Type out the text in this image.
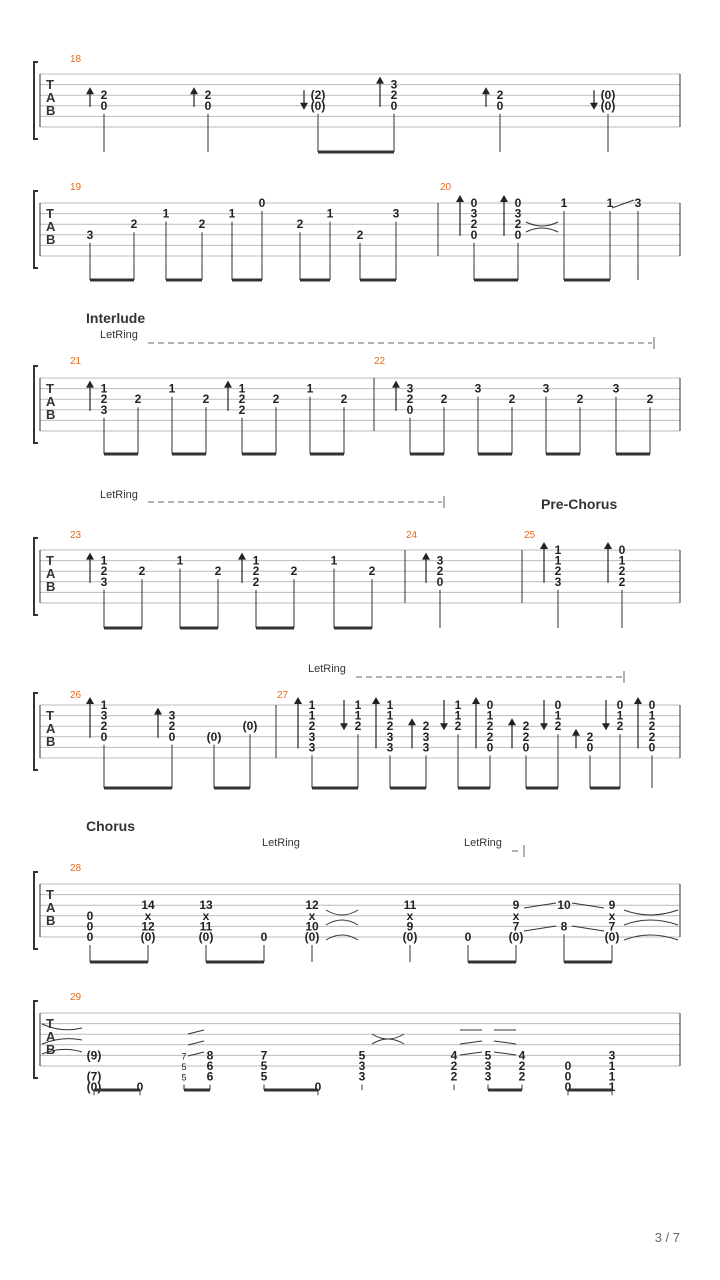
Interlude
Pre-Chorus
Chorus
LetRing
LetRing
LetRing
LetRing	LetRing
T
A
B
18
2
0
2
0
(2)
(0)
3
2
0
2
0
(0)
(0)
T
A
B
19	20
3
2
1
2
1
0
2
1
2
3
0
3
2
0
0
3
2
0
1	1 3
T
A
B
21	22
1
2
3
2
1
2
1
2
2
2
1
2
3
2
0
2
3
2
3
2
3
2
T
A
B
23	24	25
1
2
3
2
1
2
1
2
2
2
1
2
3
2
0
1
1
2
3
0
1
2
2
T
A
B
26	27
1
3
2
0
3
2
0	(0)
(0)
1
1
2
3
3
1
1
2
1
1
2
3
3
2
3
3
1
1
2
0
1
2
2
0
2
2
0
0
1
2
2
0
0
1
2
0
1
2
2
0
T
A
B
28
0
0
0
14
x
12
(0)
13
x
11
(0)	0
12
x
10
(0)
11
x
9
(0)	0
9
x
7
(0)
10
8
9
x
7
(0)
T
A
B
29
(9)
(7)
(0)	0
7
5
5
8
6
6
7
5
5
0
5
3
3
4
2
2
5
3
3
4
2
2
0
0
0
3
1
1
1
3 / 7
